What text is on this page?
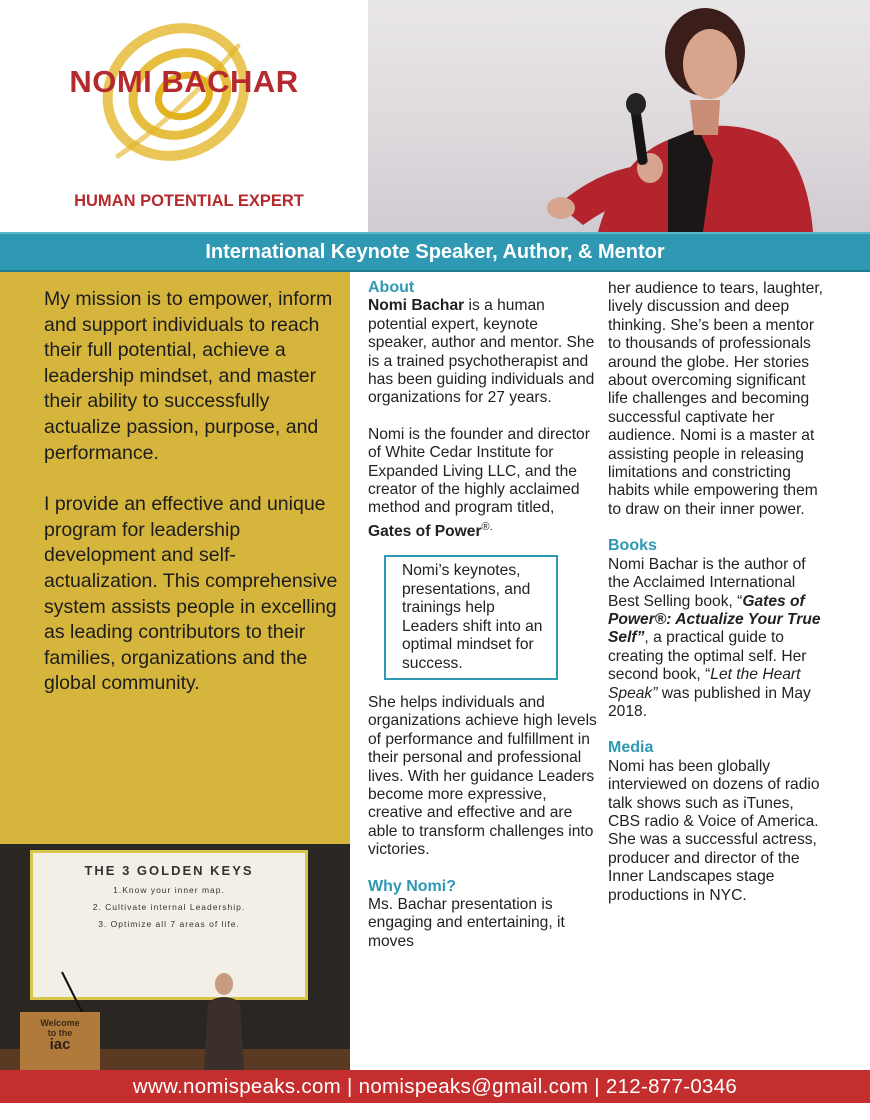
NOMI BACHAR
HUMAN POTENTIAL EXPERT
International Keynote Speaker, Author, & Mentor

My mission is to empower, inform and support individuals to reach their full potential, achieve a leadership mindset, and master their ability to successfully actualize passion, purpose, and performance.

I provide an effective and unique program for leadership development and self-actualization. This comprehensive system assists people in excelling as leading contributors to their families, organizations and the global community.

THE 3 GOLDEN KEYS
1.Know your inner map.
2. Cultivate internal Leadership.
3. Optimize all 7 areas of life.
Welcome
to the
iac
About

Nomi Bachar is a human potential expert, keynote speaker, author and mentor. She is a trained psychotherapist and has been guiding individuals and organizations for 27 years.

Nomi is the founder and director of White Cedar Institute for Expanded Living LLC, and the creator of the highly acclaimed method and program titled,
Gates of Power®.

Nomi’s keynotes, presentations, and trainings help Leaders shift into an optimal mindset for success.

She helps individuals and organizations achieve high levels of performance and fulfillment in their personal and professional lives. With her guidance Leaders become more expressive, creative and effective and are able to transform challenges into victories.

Why Nomi?

Ms. Bachar presentation is engaging and entertaining, it moves

her audience to tears, laughter, lively discussion and deep thinking. She’s been a mentor to thousands of professionals around the globe. Her stories about overcoming significant life challenges and becoming successful captivate her audience. Nomi is a master at assisting people in releasing limitations and constricting habits while empowering them to draw on their inner power.

Books

Nomi Bachar is the author of the Acclaimed International Best Selling book, “Gates of Power®: Actualize Your True Self”, a practical guide to creating the optimal self. Her second book, “Let the Heart Speak” was published in May 2018.

Media

Nomi has been globally interviewed on dozens of radio talk shows such as iTunes, CBS radio & Voice of America. She was a successful actress, producer and director of the Inner Landscapes stage productions in NYC.

www.nomispeaks.com | nomispeaks@gmail.com | 212-877-0346
